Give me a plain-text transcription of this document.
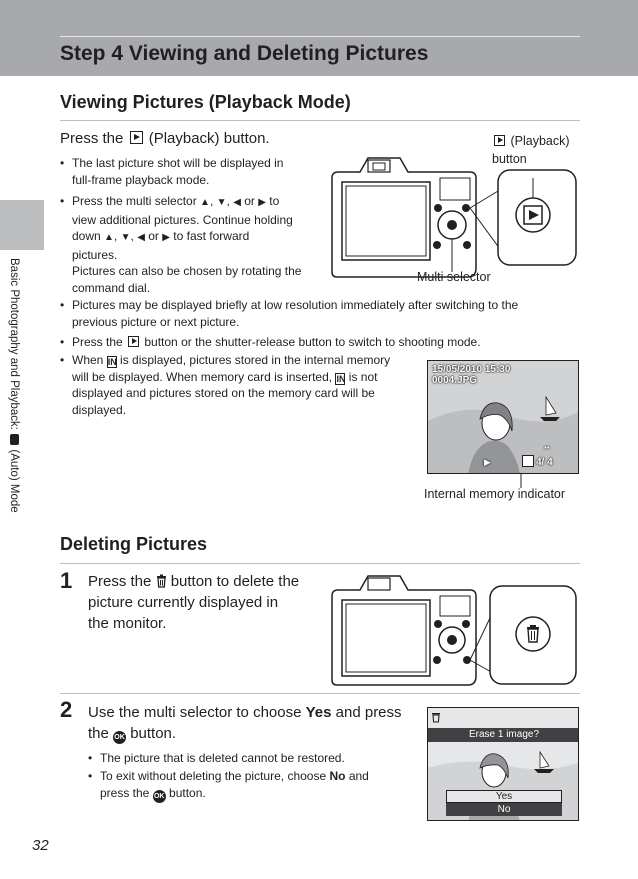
Step 4 Viewing and Deleting Pictures
Basic Photography and Playback:  (Auto) Mode
Viewing Pictures (Playback Mode)
Press the  (Playback) button.
• The last picture shot will be displayed in
full-frame playback mode.
• Press the multi selector ▲, ▼, ◀ or ▶ to
view additional pictures. Continue holding
down ▲, ▼, ◀ or ▶ to fast forward
pictures.
Pictures can also be chosen by rotating the
command dial.
(Playback)
button
Multi selector
• Pictures may be displayed briefly at low resolution immediately after switching to the
previous picture or next picture.
• Press the  button or the shutter-release button to switch to shooting mode.
• When IN is displayed, pictures stored in the internal memory
will be displayed. When memory card is inserted, IN is not
displayed and pictures stored on the memory card will be
displayed.
15/05/2010 15:30
0004.JPG
▪▪
▶	4/ 4
Internal memory indicator
Deleting Pictures
1 Press the  button to delete the
picture currently displayed in
the monitor.
2 Use the multi selector to choose Yes and press
the OK button.
• The picture that is deleted cannot be restored.
• To exit without deleting the picture, choose No and
press the OK button.
Erase 1 image?
Yes
No
32
